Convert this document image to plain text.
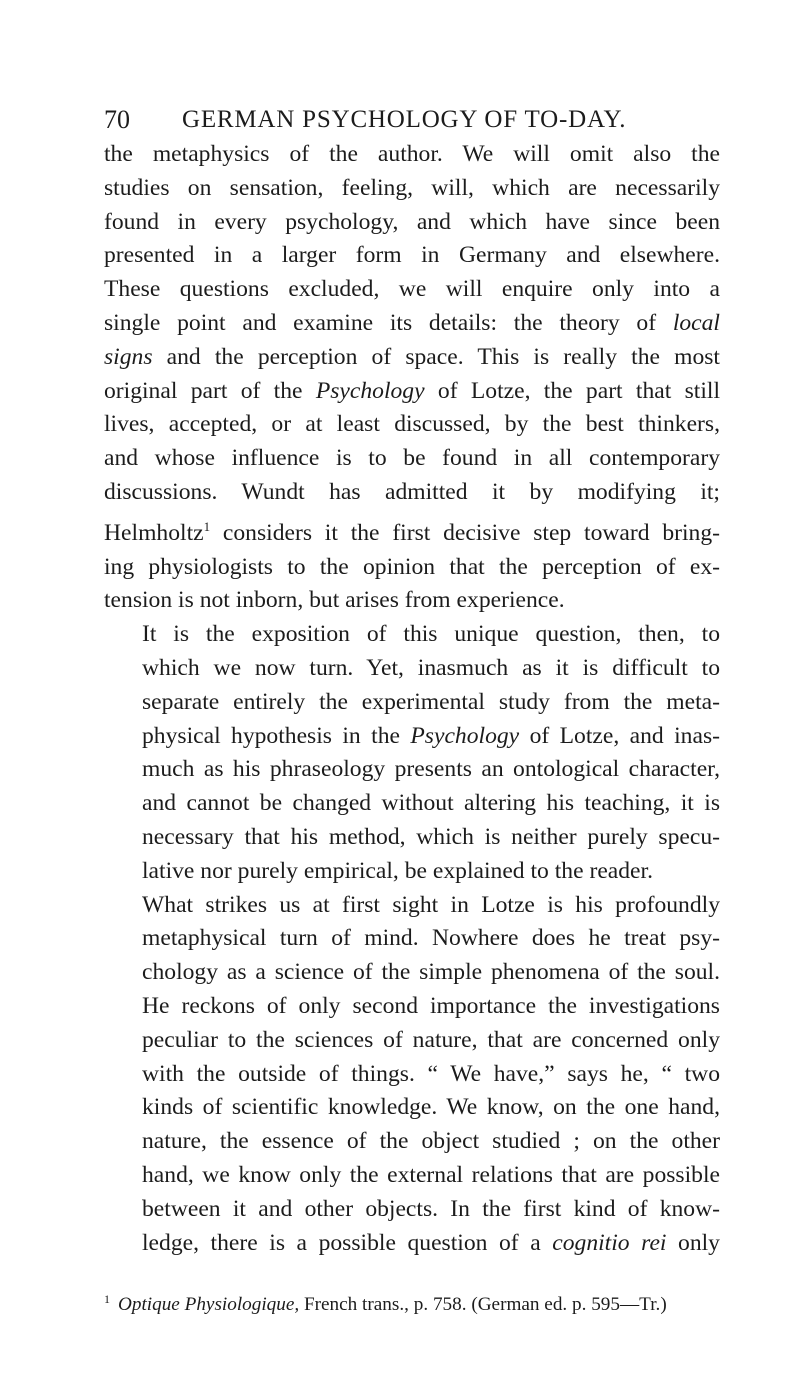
70 GERMAN PSYCHOLOGY OF TO-DAY.

the metaphysics of the author. We will omit also the
studies on sensation, feeling, will, which are necessarily
found in every psychology, and which have since been
presented in a larger form in Germany and elsewhere.
These questions excluded, we will enquire only into a
single point and examine its details: the theory of local
signs and the perception of space. This is really the most
original part of the Psychology of Lotze, the part that still
lives, accepted, or at least discussed, by the best thinkers,
and whose influence is to be found in all contemporary
discussions. Wundt has admitted it by modifying it;
Helmholtz$^1$ considers it the first decisive step toward bring-
ing physiologists to the opinion that the perception of ex-
tension is not inborn, but arises from experience.

It is the exposition of this unique question, then, to
which we now turn. Yet, inasmuch as it is difficult to
separate entirely the experimental study from the meta-
physical hypothesis in the Psychology of Lotze, and inas-
much as his phraseology presents an ontological character,
and cannot be changed without altering his teaching, it is
necessary that his method, which is neither purely specu-
lative nor purely empirical, be explained to the reader.

What strikes us at first sight in Lotze is his profoundly
metaphysical turn of mind. Nowhere does he treat psy-
chology as a science of the simple phenomena of the soul.
He reckons of only second importance the investigations
peculiar to the sciences of nature, that are concerned only
with the outside of things. “ We have,” says he, “ two
kinds of scientific knowledge. We know, on the one hand,
nature, the essence of the object studied ; on the other
hand, we know only the external relations that are possible
between it and other objects. In the first kind of know-
ledge, there is a possible question of a cognitio rei only

$^1$ Optique Physiologique, French trans., p. 758. (German ed. p. 595—Tr.)
